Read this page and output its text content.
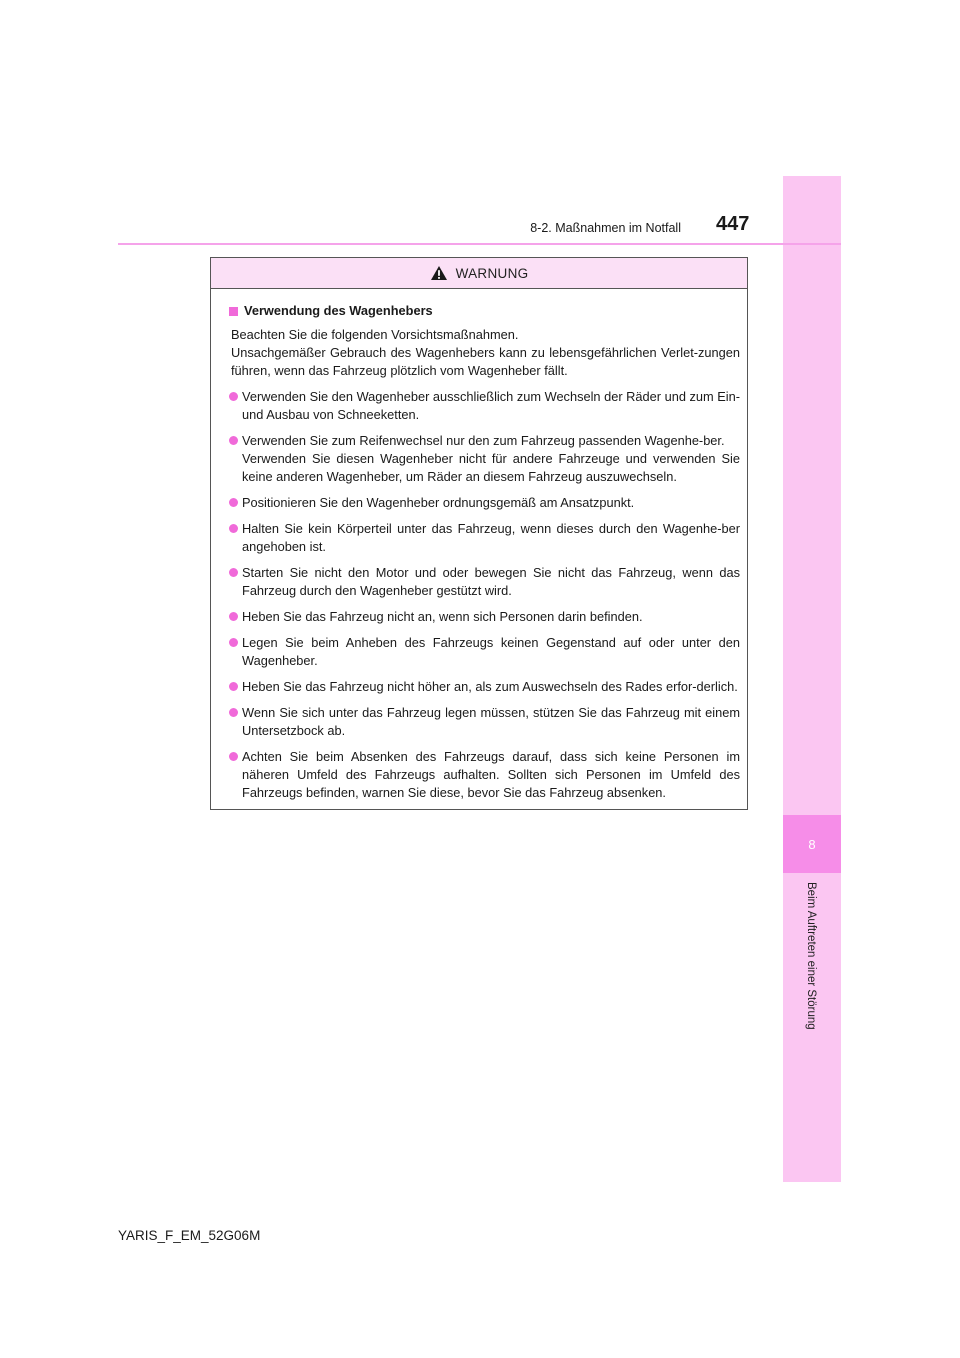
8
Beim Auftreten einer Störung
8-2. Maßnahmen im Notfall 447
WARNUNG
Verwendung des Wagenhebers

Beachten Sie die folgenden Vorsichtsmaßnahmen.

Unsachgemäßer Gebrauch des Wagenhebers kann zu lebensgefährlichen Verlet-zungen führen, wenn das Fahrzeug plötzlich vom Wagenheber fällt.

Verwenden Sie den Wagenheber ausschließlich zum Wechseln der Räder und zum Ein- und Ausbau von Schneeketten.
Verwenden Sie zum Reifenwechsel nur den zum Fahrzeug passenden Wagenhe-ber.
Verwenden Sie diesen Wagenheber nicht für andere Fahrzeuge und verwenden Sie keine anderen Wagenheber, um Räder an diesem Fahrzeug auszuwechseln.
Positionieren Sie den Wagenheber ordnungsgemäß am Ansatzpunkt.
Halten Sie kein Körperteil unter das Fahrzeug, wenn dieses durch den Wagenhe-ber angehoben ist.
Starten Sie nicht den Motor und oder bewegen Sie nicht das Fahrzeug, wenn das Fahrzeug durch den Wagenheber gestützt wird.
Heben Sie das Fahrzeug nicht an, wenn sich Personen darin befinden.
Legen Sie beim Anheben des Fahrzeugs keinen Gegenstand auf oder unter den Wagenheber.
Heben Sie das Fahrzeug nicht höher an, als zum Auswechseln des Rades erfor-derlich.
Wenn Sie sich unter das Fahrzeug legen müssen, stützen Sie das Fahrzeug mit einem Untersetzbock ab.
Achten Sie beim Absenken des Fahrzeugs darauf, dass sich keine Personen im näheren Umfeld des Fahrzeugs aufhalten. Sollten sich Personen im Umfeld des Fahrzeugs befinden, warnen Sie diese, bevor Sie das Fahrzeug absenken.
YARIS_F_EM_52G06M
